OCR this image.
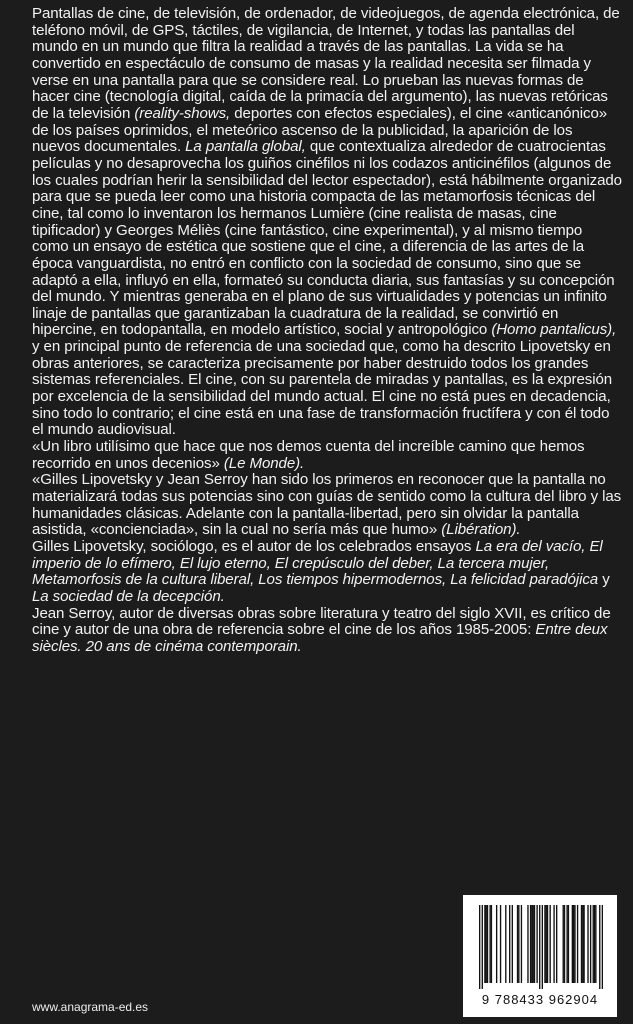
Pantallas de cine, de televisión, de ordenador, de videojuegos, de agenda electrónica, de teléfono móvil, de GPS, táctiles, de vigilancia, de Internet, y todas las pantallas del mundo en un mundo que filtra la realidad a través de las pantallas. La vida se ha convertido en espectáculo de consumo de masas y la realidad necesita ser filmada y verse en una pantalla para que se considere real. Lo prueban las nuevas formas de hacer cine (tecnología digital, caída de la primacía del argumento), las nuevas retóricas de la televisión (reality-shows, deportes con efectos especiales), el cine «anticanónico» de los países oprimidos, el meteórico ascenso de la publicidad, la aparición de los nuevos documentales. La pantalla global, que contextualiza alrededor de cuatrocientas películas y no desaprovecha los guiños cinéfilos ni los codazos anticinéfilos (algunos de los cuales podrían herir la sensibilidad del lector espectador), está hábilmente organizado para que se pueda leer como una historia compacta de las metamorfosis técnicas del cine, tal como lo inventaron los hermanos Lumière (cine realista de masas, cine tipificador) y Georges Méliès (cine fantástico, cine experimental), y al mismo tiempo como un ensayo de estética que sostiene que el cine, a diferencia de las artes de la época vanguardista, no entró en conflicto con la sociedad de consumo, sino que se adaptó a ella, influyó en ella, formateó su conducta diaria, sus fantasías y su concepción del mundo. Y mientras generaba en el plano de sus virtualidades y potencias un infinito linaje de pantallas que garantizaban la cuadratura de la realidad, se convirtió en hipercine, en todopantalla, en modelo artístico, social y antropológico (Homo pantalicus), y en principal punto de referencia de una sociedad que, como ha descrito Lipovetsky en obras anteriores, se caracteriza precisamente por haber destruido todos los grandes sistemas referenciales. El cine, con su parentela de miradas y pantallas, es la expresión por excelencia de la sensibilidad del mundo actual. El cine no está pues en decadencia, sino todo lo contrario; el cine está en una fase de transformación fructífera y con él todo el mundo audiovisual.

«Un libro utilísimo que hace que nos demos cuenta del increíble camino que hemos recorrido en unos decenios» (Le Monde).

«Gilles Lipovetsky y Jean Serroy han sido los primeros en reconocer que la pantalla no materializará todas sus potencias sino con guías de sentido como la cultura del libro y las humanidades clásicas. Adelante con la pantalla-libertad, pero sin olvidar la pantalla asistida, «concienciada», sin la cual no sería más que humo» (Libération).

Gilles Lipovetsky, sociólogo, es el autor de los celebrados ensayos La era del vacío, El imperio de lo efímero, El lujo eterno, El crepúsculo del deber, La tercera mujer, Metamorfosis de la cultura liberal, Los tiempos hipermodernos, La felicidad paradójica y La sociedad de la decepción.

Jean Serroy, autor de diversas obras sobre literatura y teatro del siglo XVII, es crítico de cine y autor de una obra de referencia sobre el cine de los años 1985-2005: Entre deux siècles. 20 ans de cinéma contemporain.

9 788433 962904
www.anagrama-ed.es
